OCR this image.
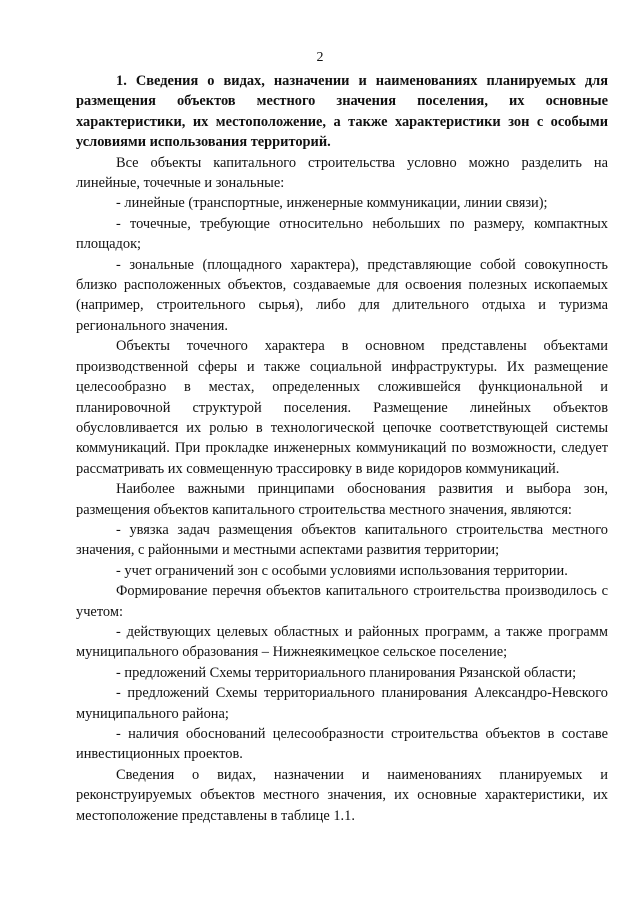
2

1. Сведения о видах, назначении и наименованиях планируемых для размещения объектов местного значения поселения, их основные характеристики, их местоположение, а также характеристики зон с особыми условиями использования территорий.

Все объекты капитального строительства условно можно разделить на линейные, точечные и зональные:

- линейные (транспортные, инженерные коммуникации, линии связи);

- точечные, требующие относительно небольших по размеру, компактных площадок;

- зональные (площадного характера), представляющие собой совокупность близко расположенных объектов, создаваемые для освоения полезных ископаемых (например, строительного сырья), либо для длительного отдыха и туризма регионального значения.

Объекты точечного характера в основном представлены объектами производственной сферы и также социальной инфраструктуры. Их размещение целесообразно в местах, определенных сложившейся функциональной и планировочной структурой поселения. Размещение линейных объектов обусловливается их ролью в технологической цепочке соответствующей системы коммуникаций. При прокладке инженерных коммуникаций по возможности, следует рассматривать их совмещенную трассировку в виде коридоров коммуникаций.

Наиболее важными принципами обоснования развития и выбора зон, размещения объектов капитального строительства местного значения, являются:

- увязка задач размещения объектов капитального строительства местного значения, с районными и местными аспектами развития территории;

- учет ограничений зон с особыми условиями использования территории.

Формирование перечня объектов капитального строительства производилось с учетом:

- действующих целевых областных и районных программ, а также программ муниципального образования – Нижнеякимецкое сельское поселение;

- предложений Схемы территориального планирования Рязанской области;

- предложений Схемы территориального планирования Александро-Невского муниципального района;

- наличия обоснований целесообразности строительства объектов в составе инвестиционных проектов.

Сведения о видах, назначении и наименованиях планируемых и реконструируемых объектов местного значения, их основные характеристики, их местоположение представлены в таблице 1.1.
